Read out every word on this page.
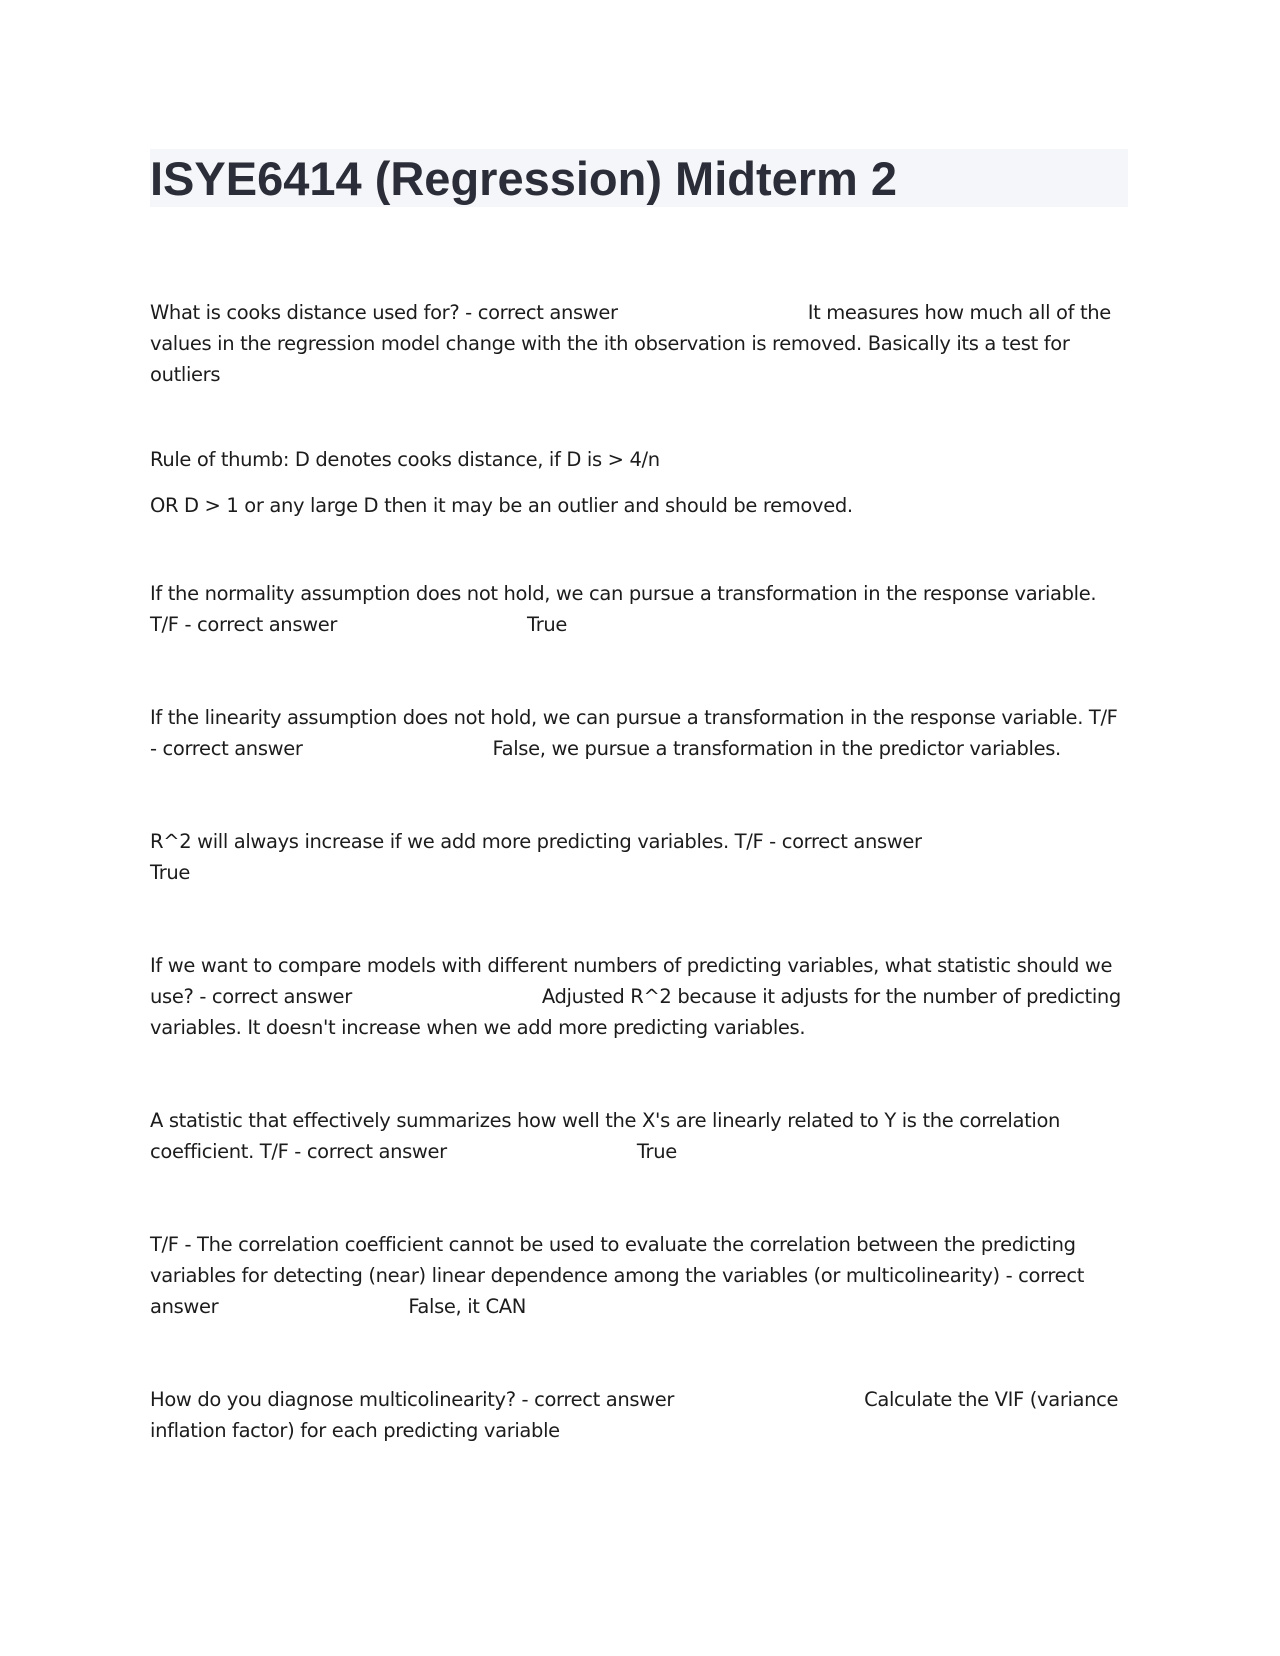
ISYE6414 (Regression) Midterm 2

What is cooks distance used for? - correct answer	It measures how much all of the values in the regression model change with the ith observation is removed. Basically its a test for outliers

Rule of thumb: D denotes cooks distance, if D is > 4/n

OR D > 1 or any large D then it may be an outlier and should be removed.

If the normality assumption does not hold, we can pursue a transformation in the response variable. T/F - correct answer	True

If the linearity assumption does not hold, we can pursue a transformation in the response variable. T/F - correct answer	False, we pursue a transformation in the predictor variables.

R^2 will always increase if we add more predicting variables. T/F - correct answer
True

If we want to compare models with different numbers of predicting variables, what statistic should we use? - correct answer	Adjusted R^2 because it adjusts for the number of predicting variables. It doesn't increase when we add more predicting variables.

A statistic that effectively summarizes how well the X's are linearly related to Y is the correlation coefficient. T/F - correct answer	True

T/F - The correlation coefficient cannot be used to evaluate the correlation between the predicting variables for detecting (near) linear dependence among the variables (or multicolinearity) - correct answer	False, it CAN

How do you diagnose multicolinearity? - correct answer	Calculate the VIF (variance inflation factor) for each predicting variable
